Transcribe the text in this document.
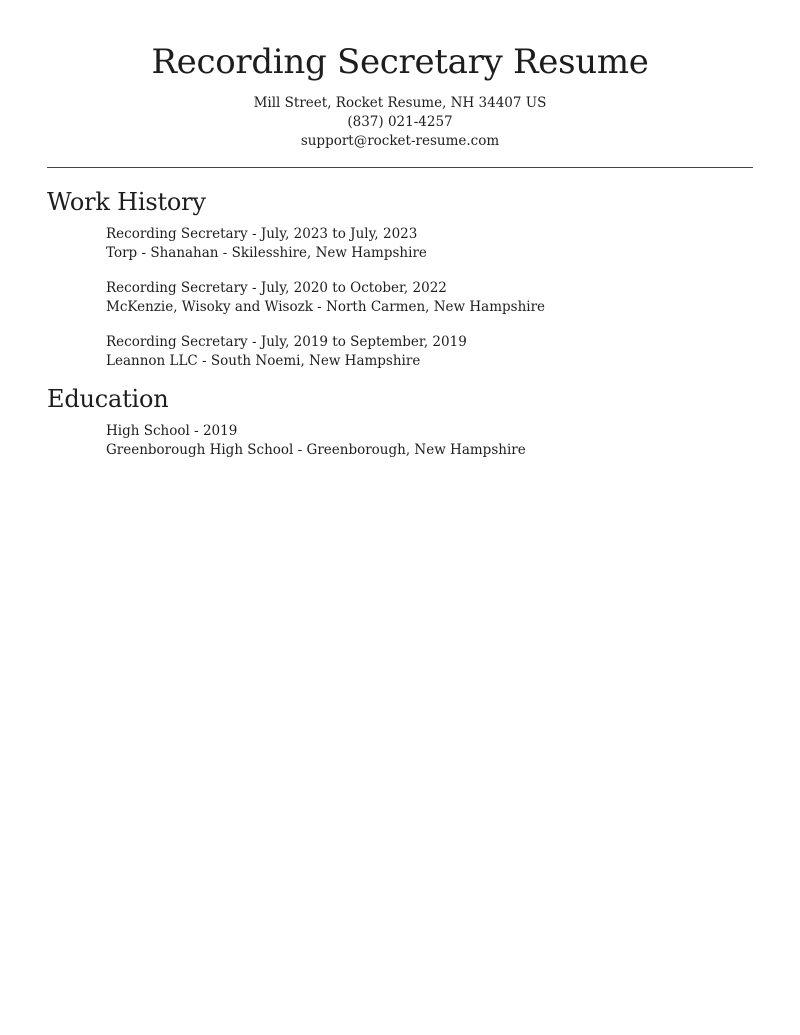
Recording Secretary Resume
Mill Street, Rocket Resume, NH 34407 US
(837) 021-4257
support@rocket-resume.com
Work History
Recording Secretary - July, 2023 to July, 2023
Torp - Shanahan - Skilesshire, New Hampshire
Recording Secretary - July, 2020 to October, 2022
McKenzie, Wisoky and Wisozk - North Carmen, New Hampshire
Recording Secretary - July, 2019 to September, 2019
Leannon LLC - South Noemi, New Hampshire
Education
High School - 2019
Greenborough High School - Greenborough, New Hampshire
